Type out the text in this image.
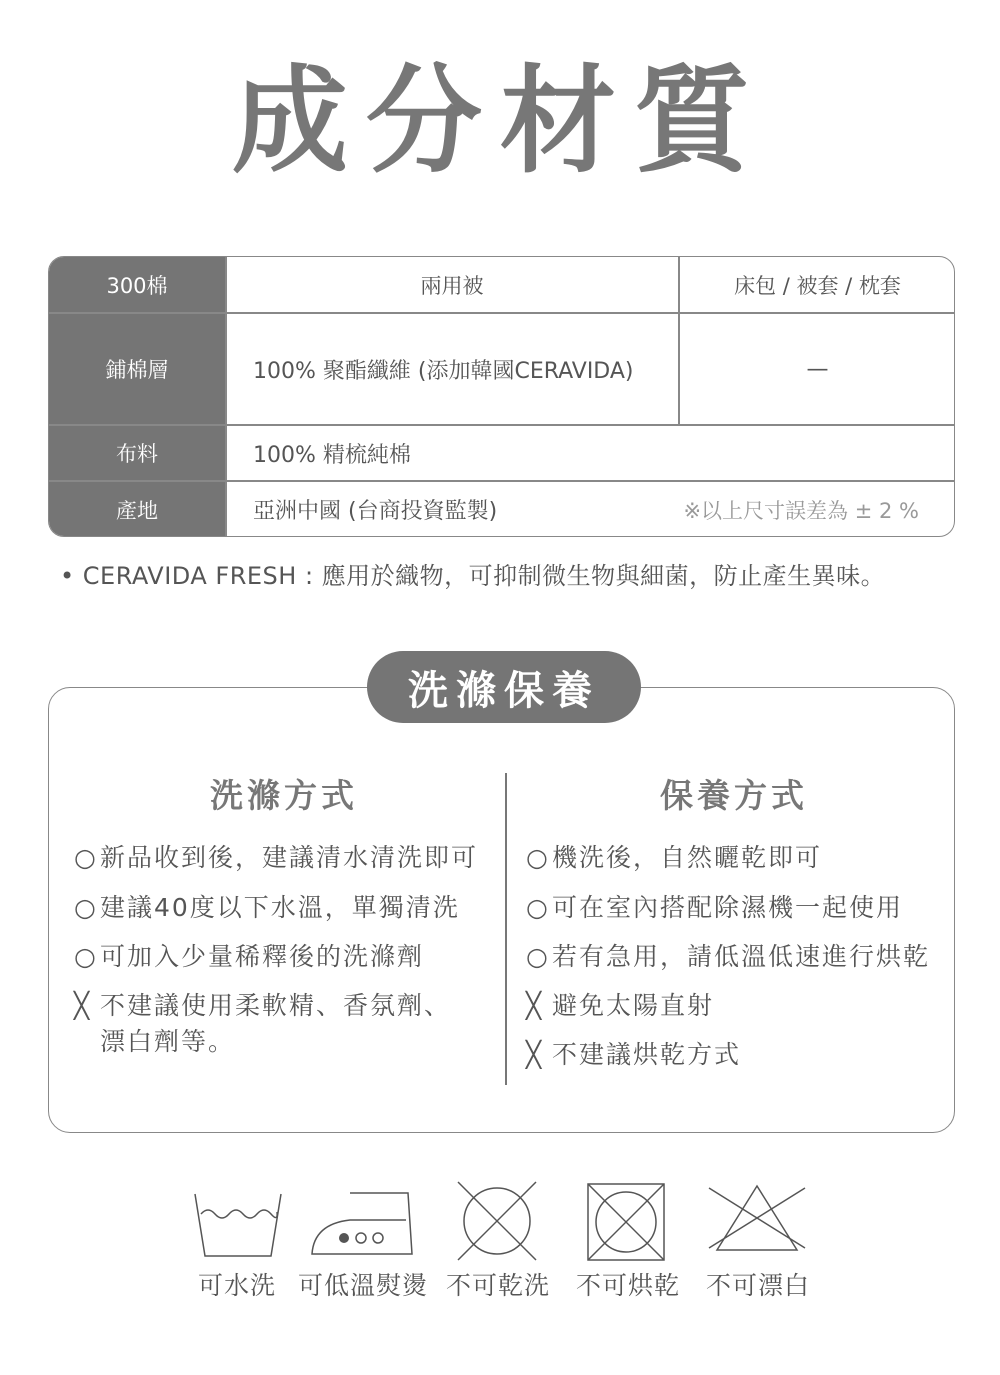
成分材質
300棉	兩用被	床包 / 被套 / 枕套
鋪棉層	100% 聚酯纖維 (添加韓國CERAVIDA)	—
布料	100% 精梳純棉
產地	亞洲中國 (台商投資監製)	※以上尺寸誤差為 ± 2 %
• CERAVIDA FRESH : 應用於織物，可抑制微生物與細菌，防止產生異味。
洗滌保養
洗滌方式	保養方式
○新品收到後，建議清水清洗即可
○建議40度以下水溫，單獨清洗
○可加入少量稀釋後的洗滌劑
╳ 不建議使用柔軟精、香氛劑、
漂白劑等。
○機洗後，自然曬乾即可
○可在室內搭配除濕機一起使用
○若有急用，請低溫低速進行烘乾
╳ 避免太陽直射
╳ 不建議烘乾方式
可水洗 可低溫熨燙 不可乾洗 不可烘乾 不可漂白
